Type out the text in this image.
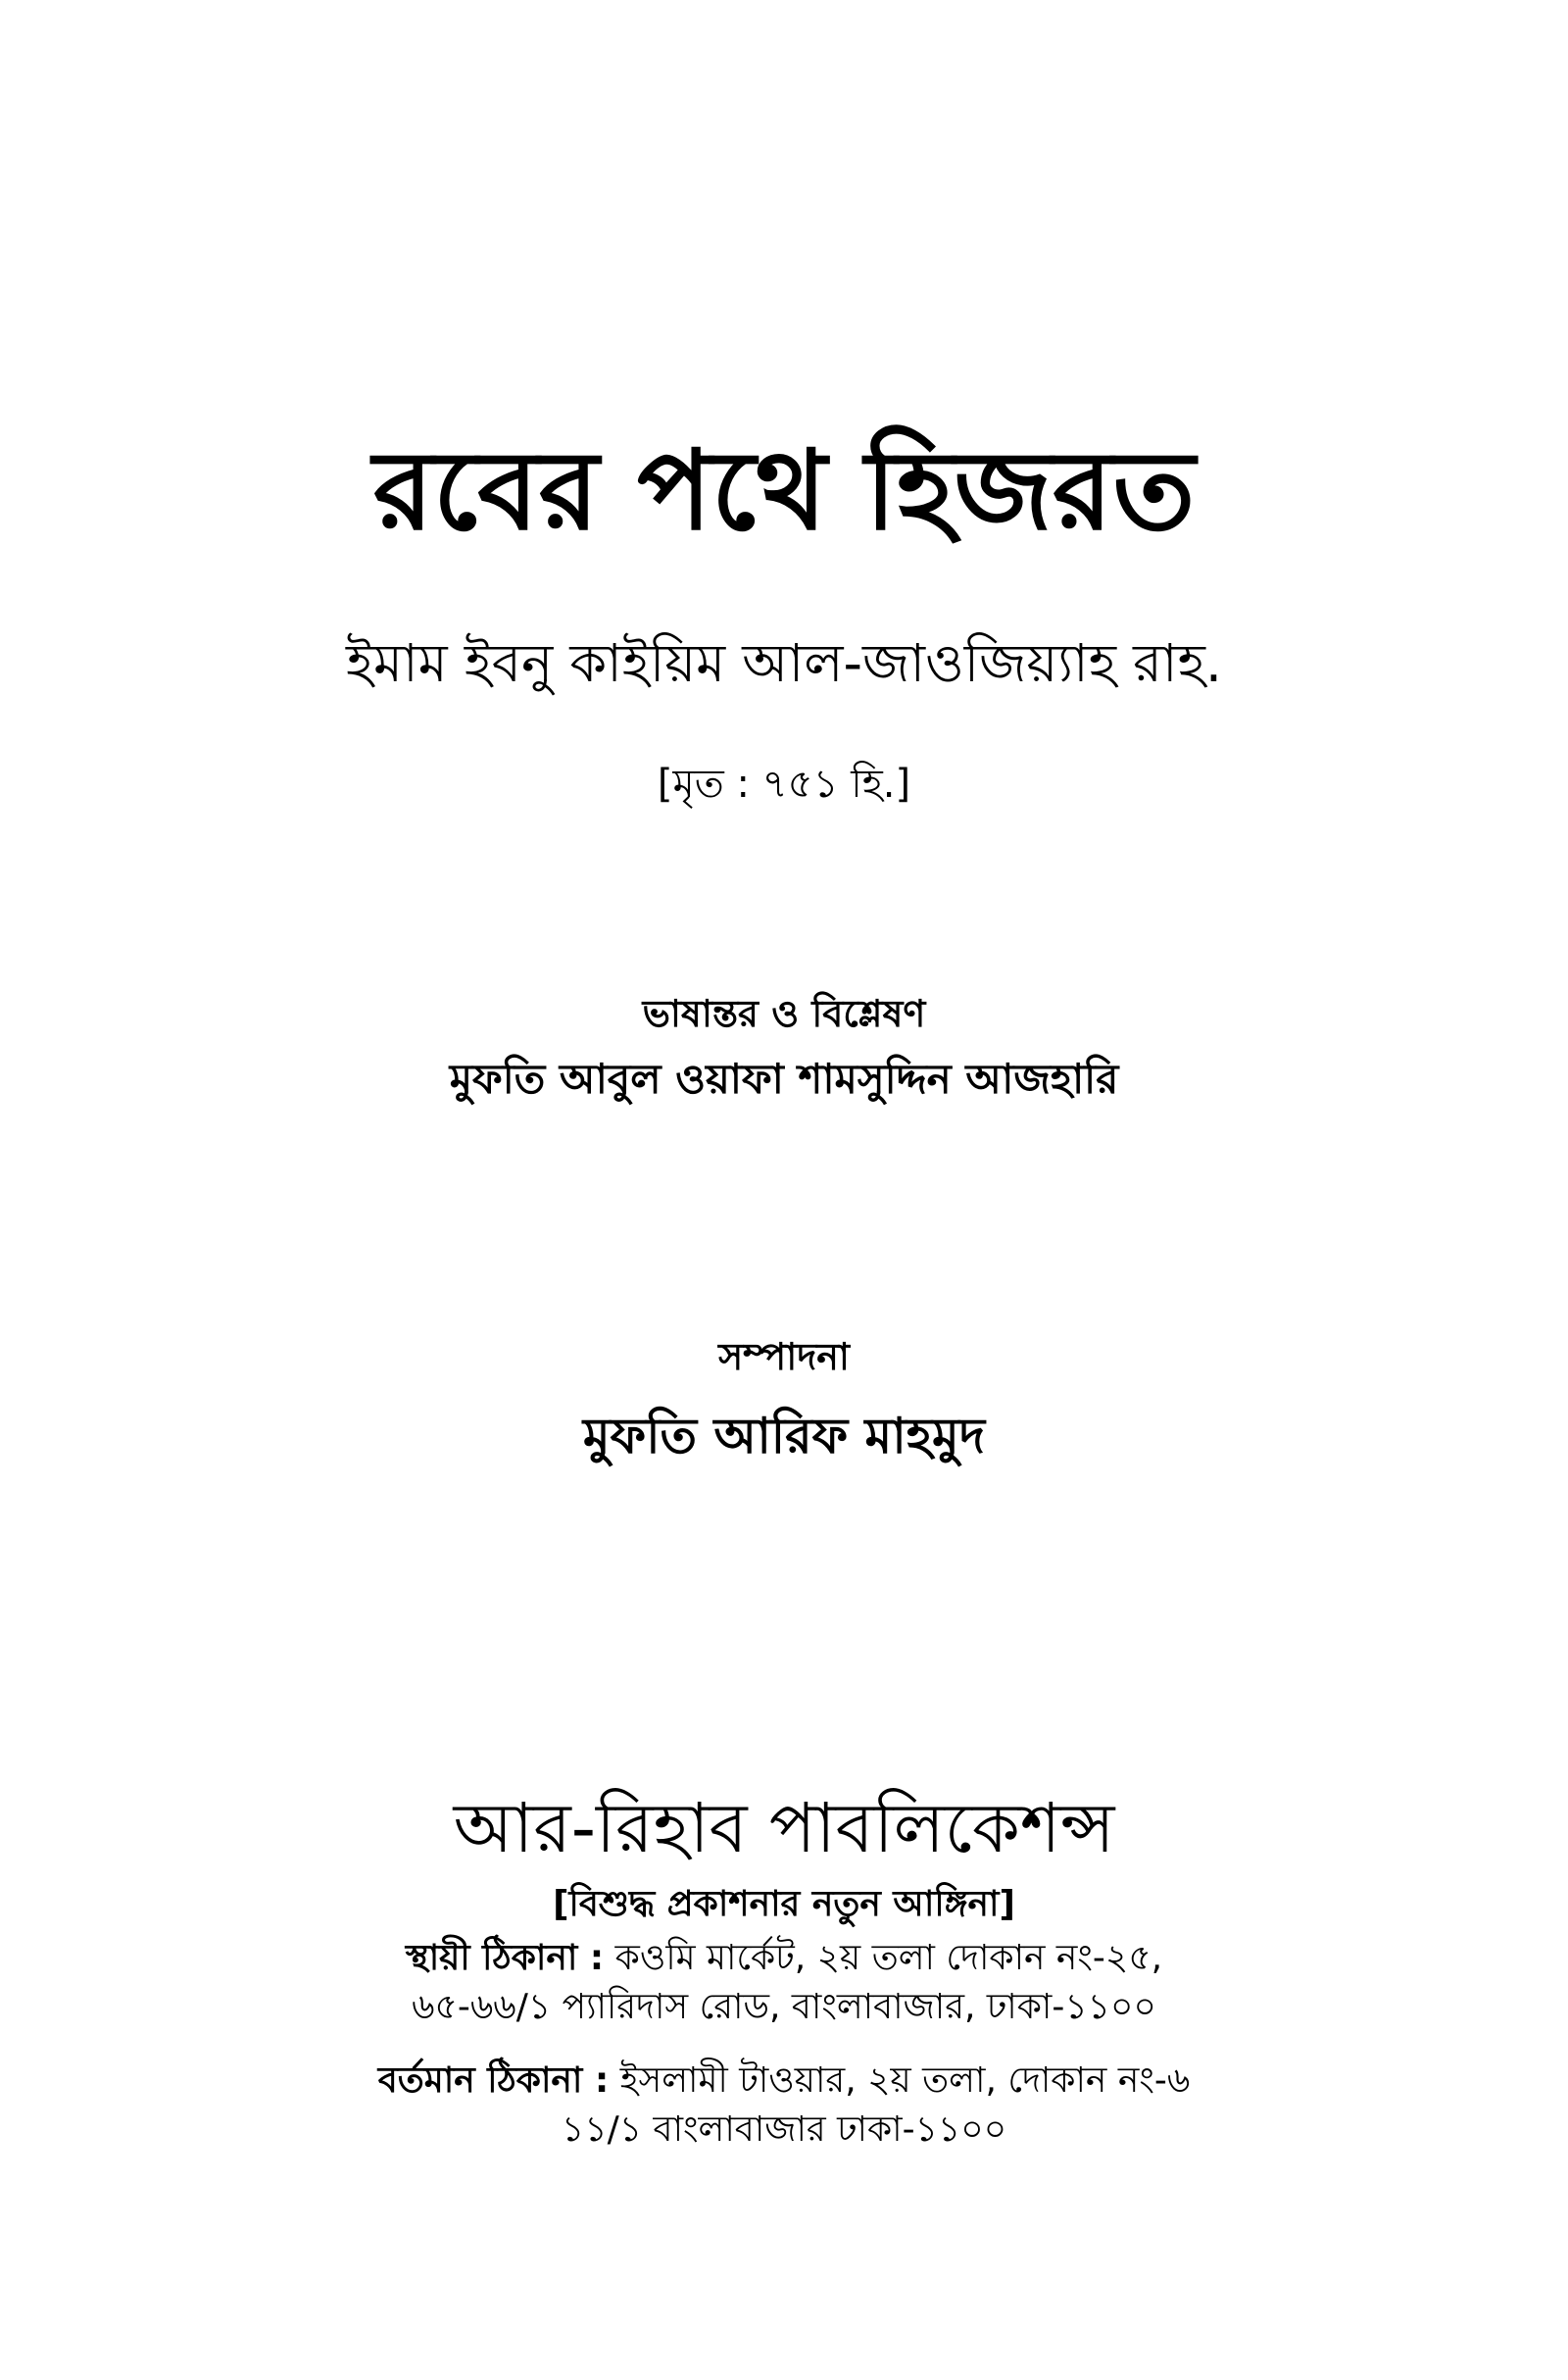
রবের পথে হিজরত
ইমাম ইবনু কাইয়িম আল-জাওজিয়্যাহ রাহ.
[মৃত : ৭৫১ হি.]
ভাষান্তর ও বিশ্লেষণ
মুফতি আবুল ওয়াফা শামসুদ্দিন আজহারি
সম্পাদনা
মুফতি আরিফ মাহমুদ
আর-রিহাব পাবলিকেশন্স
[বিশুদ্ধ প্রকাশনার নতুন আঙ্গিনা]
স্থায়ী ঠিকানা : কওমি মার্কেট, ২য় তলা দোকান নং-২৫,
৬৫-৬৬/১ প্যারিদাস রোড, বাংলাবাজার, ঢাকা-১১০০
বর্তমান ঠিকানা : ইসলামী টাওয়ার, ২য় তলা, দোকান নং-৬
১১/১ বাংলাবাজার ঢাকা-১১০০
